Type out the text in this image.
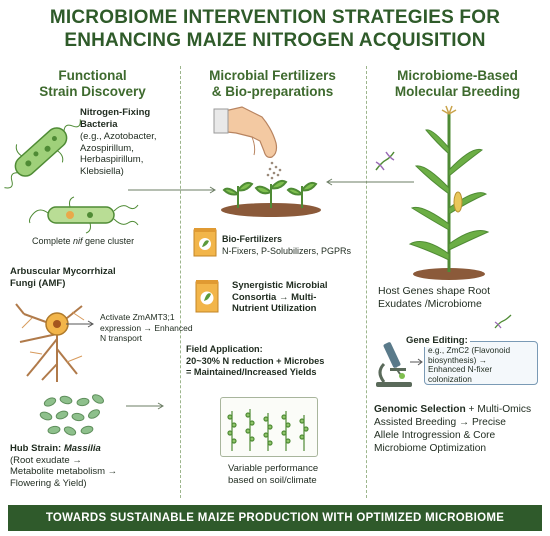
MICROBIOME INTERVENTION STRATEGIES FOR
ENHANCING MAIZE NITROGEN ACQUISITION
Functional
Strain Discovery
Microbial Fertilizers
& Bio-preparations
Microbiome-Based
Molecular Breeding
Nitrogen-Fixing
Bacteria
(e.g., Azotobacter,
Azospirillum,
Herbaspirillum,
Klebsiella)
Complete nif gene cluster
Arbuscular Mycorrhizal
Fungi (AMF)
Activate ZmAMT3;1
expression → Enhanced
N transport
Hub Strain: Massilia
(Root exudate →
Metabolite metabolism →
Flowering & Yield)
Bio-Fertilizers
N-Fixers, P-Solubilizers, PGPRs
Synergistic Microbial
Consortia → Multi-
Nutrient Utilization
Field Application:
20~30% N reduction + Microbes
= Maintained/Increased Yields
Variable performance
based on soil/climate
Host Genes shape Root
Exudates /Microbiome
Gene Editing:
e.g., ZmC2 (Flavonoid
biosynthesis) →
Enhanced N-fixer
colonization
Genomic Selection + Multi-Omics
Assisted Breeding → Precise
Allele Introgression & Core
Microbiome Optimization
TOWARDS SUSTAINABLE MAIZE PRODUCTION WITH OPTIMIZED MICROBIOME
